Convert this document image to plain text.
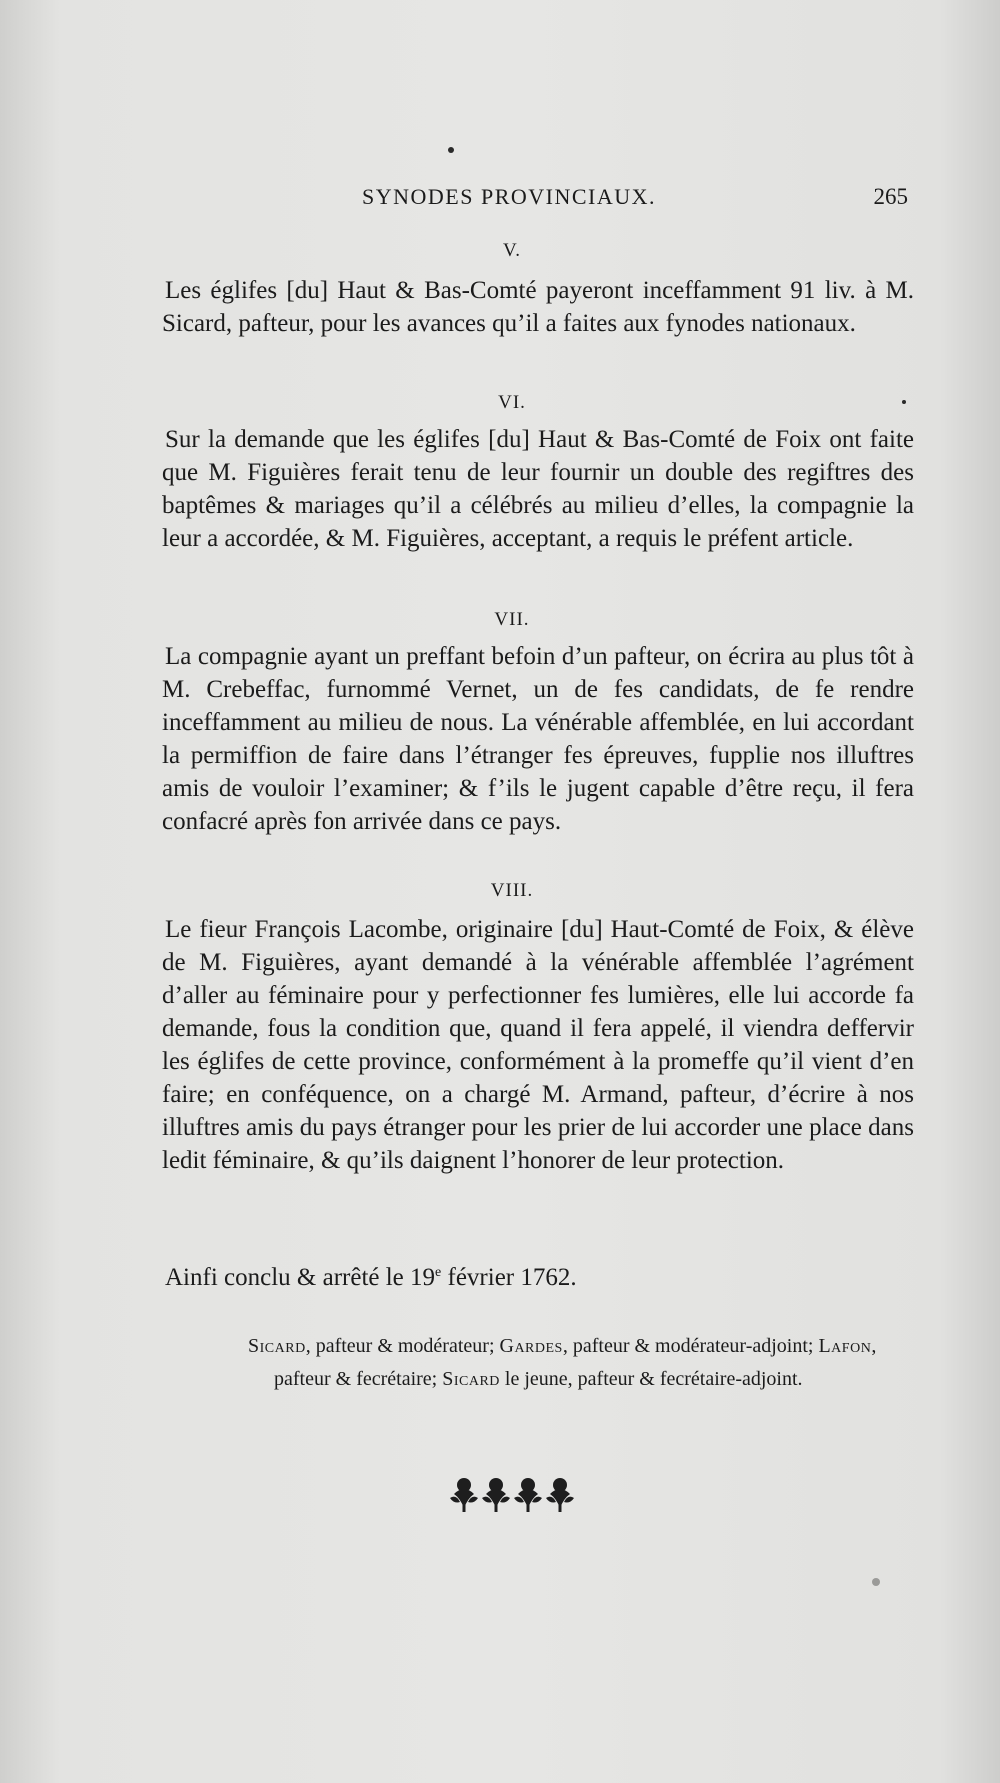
SYNODES PROVINCIAUX.	265
V.

Les églifes [du] Haut & Bas-Comté payeront inceffamment 91 liv. à M. Sicard, pafteur, pour les avances qu’il a faites aux fynodes nationaux.

VI.

Sur la demande que les églifes [du] Haut & Bas-Comté de Foix ont faite que M. Figuières ferait tenu de leur fournir un double des regiftres des baptêmes & mariages qu’il a célébrés au milieu d’elles, la compagnie la leur a accordée, & M. Figuières, acceptant, a requis le préfent article.

VII.

La compagnie ayant un preffant befoin d’un pafteur, on écrira au plus tôt à M. Crebeffac, furnommé Vernet, un de fes candidats, de fe rendre inceffamment au milieu de nous. La vénérable affemblée, en lui accordant la permiffion de faire dans l’étranger fes épreuves, fupplie nos illuftres amis de vouloir l’examiner; & f’ils le jugent capable d’être reçu, il fera confacré après fon arrivée dans ce pays.

VIII.

Le fieur François Lacombe, originaire [du] Haut-Comté de Foix, & élève de M. Figuières, ayant demandé à la vénérable affemblée l’agrément d’aller au féminaire pour y perfectionner fes lumières, elle lui accorde fa demande, fous la condition que, quand il fera appelé, il viendra deffervir les églifes de cette province, conformément à la promeffe qu’il vient d’en faire; en conféquence, on a chargé M. Armand, pafteur, d’écrire à nos illuftres amis du pays étranger pour les prier de lui accorder une place dans ledit féminaire, & qu’ils daignent l’honorer de leur protection.

Ainfi conclu & arrêté le 19e février 1762.

Sicard, pafteur & modérateur; Gardes, pafteur & modérateur-adjoint; Lafon, pafteur & fecrétaire; Sicard le jeune, pafteur & fecrétaire-adjoint.
